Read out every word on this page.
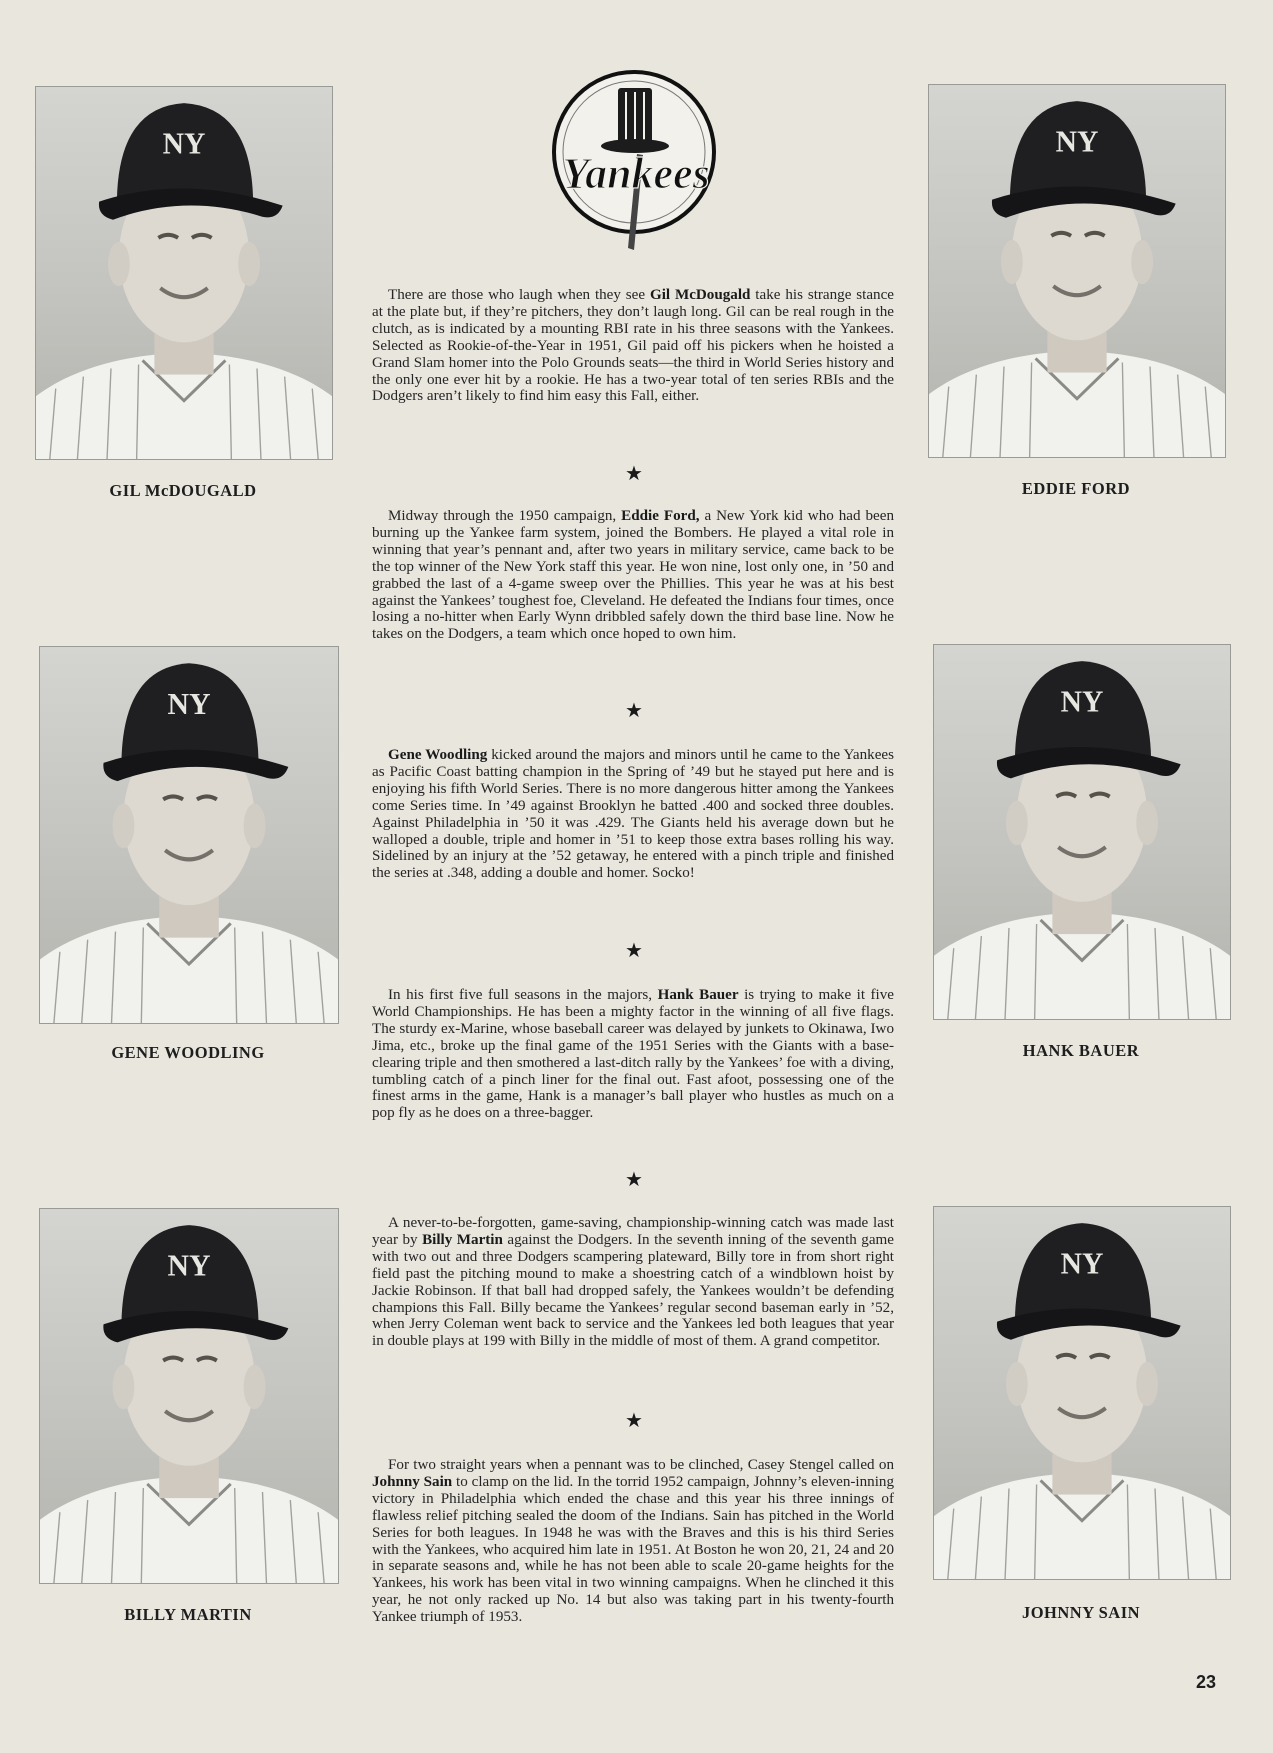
Yankees
GIL McDOUGALD	EDDIE FORD
GENE WOODLING	HANK BAUER
BILLY MARTIN	JOHNNY SAIN
There are those who laugh when they see Gil McDougald take his strange stance at the plate but, if they’re pitchers, they don’t laugh long. Gil can be real rough in the clutch, as is indicated by a mounting RBI rate in his three seasons with the Yankees. Selected as Rookie-of-the-Year in 1951, Gil paid off his pickers when he hoisted a Grand Slam homer into the Polo Grounds seats—the third in World Series history and the only one ever hit by a rookie. He has a two-year total of ten series RBIs and the Dodgers aren’t likely to find him easy this Fall, either.
★
Midway through the 1950 campaign, Eddie Ford, a New York kid who had been burning up the Yankee farm system, joined the Bombers. He played a vital role in winning that year’s pennant and, after two years in military service, came back to be the top winner of the New York staff this year. He won nine, lost only one, in ’50 and grabbed the last of a 4-game sweep over the Phillies. This year he was at his best against the Yankees’ toughest foe, Cleveland. He defeated the Indians four times, once losing a no-hitter when Early Wynn dribbled safely down the third base line. Now he takes on the Dodgers, a team which once hoped to own him.
★
Gene Woodling kicked around the majors and minors until he came to the Yankees as Pacific Coast batting champion in the Spring of ’49 but he stayed put here and is enjoying his fifth World Series. There is no more dangerous hitter among the Yankees come Series time. In ’49 against Brooklyn he batted .400 and socked three doubles. Against Philadelphia in ’50 it was .429. The Giants held his average down but he walloped a double, triple and homer in ’51 to keep those extra bases rolling his way. Sidelined by an injury at the ’52 getaway, he entered with a pinch triple and finished the series at .348, adding a double and homer. Socko!
★
In his first five full seasons in the majors, Hank Bauer is trying to make it five World Championships. He has been a mighty factor in the winning of all five flags. The sturdy ex-Marine, whose baseball career was delayed by junkets to Okinawa, Iwo Jima, etc., broke up the final game of the 1951 Series with the Giants with a base-clearing triple and then smothered a last-ditch rally by the Yankees’ foe with a diving, tumbling catch of a pinch liner for the final out. Fast afoot, possessing one of the finest arms in the game, Hank is a manager’s ball player who hustles as much on a pop fly as he does on a three-bagger.
★
A never-to-be-forgotten, game-saving, championship-winning catch was made last year by Billy Martin against the Dodgers. In the seventh inning of the seventh game with two out and three Dodgers scampering plateward, Billy tore in from short right field past the pitching mound to make a shoestring catch of a windblown hoist by Jackie Robinson. If that ball had dropped safely, the Yankees wouldn’t be defending champions this Fall. Billy became the Yankees’ regular second baseman early in ’52, when Jerry Coleman went back to service and the Yankees led both leagues that year in double plays at 199 with Billy in the middle of most of them. A grand competitor.
★
For two straight years when a pennant was to be clinched, Casey Stengel called on Johnny Sain to clamp on the lid. In the torrid 1952 campaign, Johnny’s eleven-inning victory in Philadelphia which ended the chase and this year his three innings of flawless relief pitching sealed the doom of the Indians. Sain has pitched in the World Series for both leagues. In 1948 he was with the Braves and this is his third Series with the Yankees, who acquired him late in 1951. At Boston he won 20, 21, 24 and 20 in separate seasons and, while he has not been able to scale 20-game heights for the Yankees, his work has been vital in two winning campaigns. When he clinched it this year, he not only racked up No. 14 but also was taking part in his twenty-fourth Yankee triumph of 1953.
23
